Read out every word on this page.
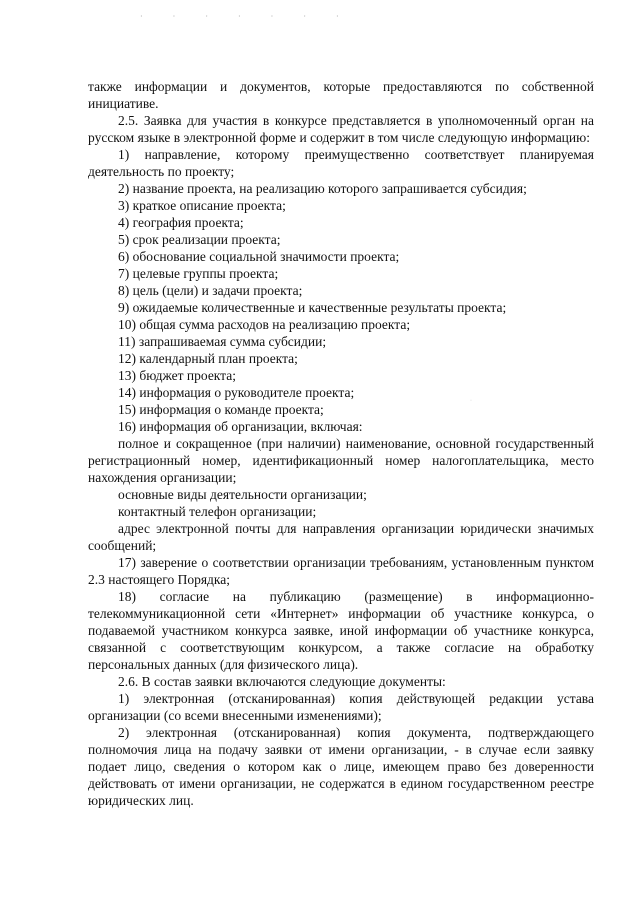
· · · · · · ·
·

также информации и документов, которые предоставляются по собственной инициативе.

2.5. Заявка для участия в конкурсе представляется в уполномоченный орган на русском языке в электронной форме и содержит в том числе следующую информацию:

1) направление, которому преимущественно соответствует планируемая деятельность по проекту;

2) название проекта, на реализацию которого запрашивается субсидия;

3) краткое описание проекта;

4) география проекта;

5) срок реализации проекта;

6) обоснование социальной значимости проекта;

7) целевые группы проекта;

8) цель (цели) и задачи проекта;

9) ожидаемые количественные и качественные результаты проекта;

10) общая сумма расходов на реализацию проекта;

11) запрашиваемая сумма субсидии;

12) календарный план проекта;

13) бюджет проекта;

14) информация о руководителе проекта;

15) информация о команде проекта;

16) информация об организации, включая:

полное и сокращенное (при наличии) наименование, основной государственный регистрационный номер, идентификационный номер налогоплательщика, место нахождения организации;

основные виды деятельности организации;

контактный телефон организации;

адрес электронной почты для направления организации юридически значимых сообщений;

17) заверение о соответствии организации требованиям, установленным пунктом 2.3 настоящего Порядка;

18) согласие на публикацию (размещение) в информационно-телекоммуникационной сети «Интернет» информации об участнике конкурса, о подаваемой участником конкурса заявке, иной информации об участнике конкурса, связанной с соответствующим конкурсом, а также согласие на обработку персональных данных (для физического лица).

2.6. В состав заявки включаются следующие документы:

1) электронная (отсканированная) копия действующей редакции устава организации (со всеми внесенными изменениями);

2) электронная (отсканированная) копия документа, подтверждающего полномочия лица на подачу заявки от имени организации, - в случае если заявку подает лицо, сведения о котором как о лице, имеющем право без доверенности действовать от имени организации, не содержатся в едином государственном реестре юридических лиц.
